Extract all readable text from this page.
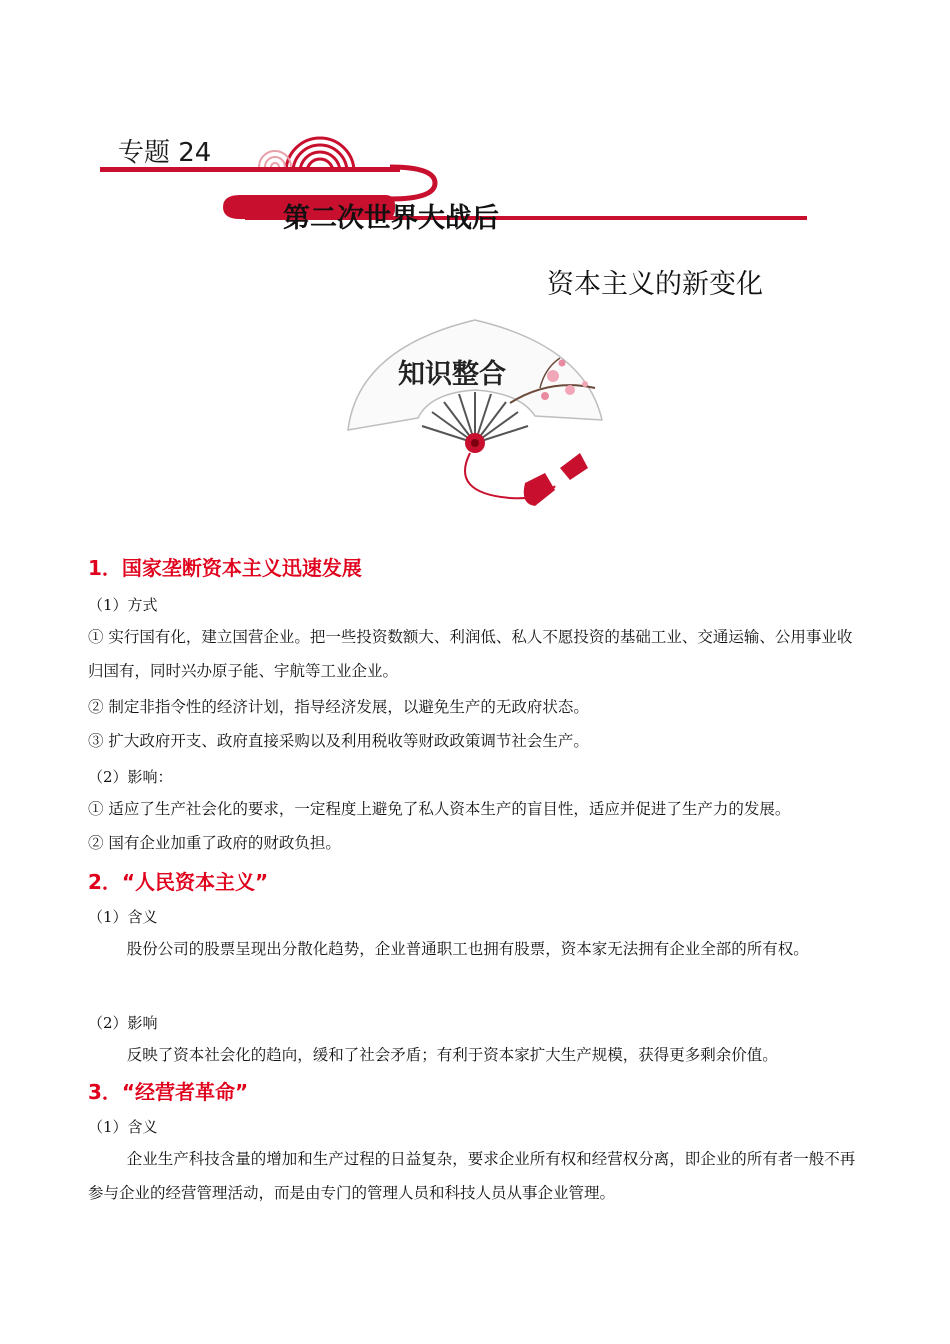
专题 24
第二次世界大战后
资本主义的新变化
知识整合
1．国家垄断资本主义迅速发展
（1）方式
① 实行国有化，建立国营企业。把一些投资数额大、利润低、私人不愿投资的基础工业、交通运输、公用事业收归国有，同时兴办原子能、宇航等工业企业。
② 制定非指令性的经济计划，指导经济发展，以避免生产的无政府状态。
③ 扩大政府开支、政府直接采购以及利用税收等财政政策调节社会生产。
（2）影响：
① 适应了生产社会化的要求，一定程度上避免了私人资本生产的盲目性，适应并促进了生产力的发展。
② 国有企业加重了政府的财政负担。
2．“人民资本主义”
（1）含义
股份公司的股票呈现出分散化趋势，企业普通职工也拥有股票，资本家无法拥有企业全部的所有权。
（2）影响
反映了资本社会化的趋向，缓和了社会矛盾；有利于资本家扩大生产规模，获得更多剩余价值。
3．“经营者革命”
（1）含义
企业生产科技含量的增加和生产过程的日益复杂，要求企业所有权和经营权分离，即企业的所有者一般不再参与企业的经营管理活动，而是由专门的管理人员和科技人员从事企业管理。
